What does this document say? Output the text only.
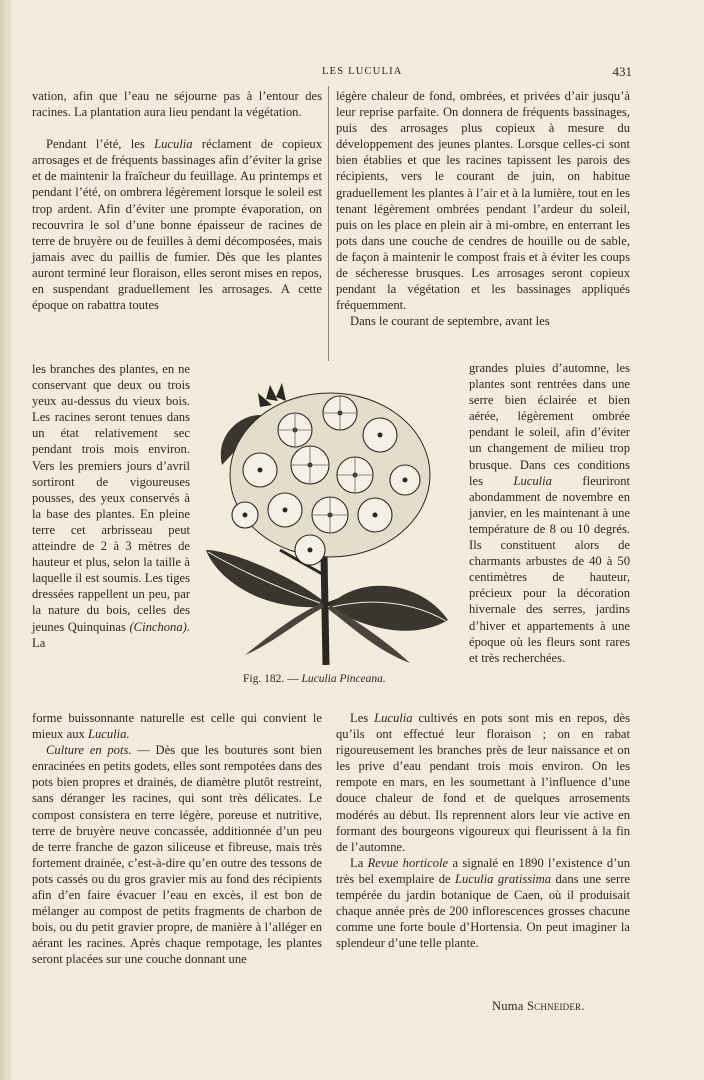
LES LUCULIA	431

vation, afin que l’eau ne séjourne pas à l’entour des racines. La plantation aura lieu pendant la végétation.

Pendant l’été, les Luculia réclament de copieux arrosages et de fréquents bassinages afin d’éviter la grise et de maintenir la fraîcheur du feuillage. Au printemps et pendant l’été, on ombrera légèrement lorsque le soleil est trop ardent. Afin d’éviter une prompte évaporation, on recouvrira le sol d’une bonne épaisseur de racines de terre de bruyère ou de feuilles à demi décomposées, mais jamais avec du paillis de fumier. Dès que les plantes auront terminé leur floraison, elles seront mises en repos, en suspendant graduellement les arrosages. A cette époque on rabattra toutes

les branches des plantes, en ne conservant que deux ou trois yeux au-dessus du vieux bois. Les racines seront tenues dans un état relativement sec pendant trois mois environ. Vers les premiers jours d’avril sortiront de vigoureuses pousses, des yeux conservés à la base des plantes. En pleine terre cet arbrisseau peut atteindre de 2 à 3 mètres de hauteur et plus, selon la taille à laquelle il est soumis. Les tiges dressées rappellent un peu, par la nature du bois, celles des jeunes Quinquinas (Cinchona). La

forme buissonnante naturelle est celle qui convient le mieux aux Luculia.

Culture en pots. — Dès que les boutures sont bien enracinées en petits godets, elles sont rempotées dans des pots bien propres et drainés, de diamètre plutôt restreint, sans déranger les racines, qui sont très délicates. Le compost consistera en terre légère, poreuse et nutritive, terre de bruyère neuve concassée, additionnée d’un peu de terre franche de gazon siliceuse et fibreuse, mais très fortement drainée, c’est-à-dire qu’en outre des tessons de pots cassés ou du gros gravier mis au fond des récipients afin d’en faire évacuer l’eau en excès, il est bon de mélanger au compost de petits fragments de charbon de bois, ou du petit gravier propre, de manière à l’alléger en aérant les racines. Après chaque rempotage, les plantes seront placées sur une couche donnant une

légère chaleur de fond, ombrées, et privées d’air jusqu’à leur reprise parfaite. On donnera de fréquents bassinages, puis des arrosages plus copieux à mesure du développement des jeunes plantes. Lorsque celles-ci sont bien établies et que les racines tapissent les parois des récipients, vers le courant de juin, on habitue graduellement les plantes à l’air et à la lumière, tout en les tenant légèrement ombrées pendant l’ardeur du soleil, puis on les place en plein air à mi-ombre, en enterrant les pots dans une couche de cendres de houille ou de sable, de façon à maintenir le compost frais et à éviter les coups de sécheresse brusques. Les arrosages seront copieux pendant la végétation et les bassinages appliqués fréquemment.

Dans le courant de septembre, avant les

grandes pluies d’automne, les plantes sont rentrées dans une serre bien éclairée et bien aérée, légèrement ombrée pendant le soleil, afin d’éviter un changement de milieu trop brusque. Dans ces conditions les Luculia fleuriront abondamment de novembre en janvier, en les maintenant à une température de 8 ou 10 degrés. Ils constituent alors de charmants arbustes de 40 à 50 centimètres de hauteur, précieux pour la décoration hivernale des serres, jardins d’hiver et appartements à une époque où les fleurs sont rares et très recherchées.

Les Luculia cultivés en pots sont mis en repos, dès qu’ils ont effectué leur floraison ; on en rabat rigoureusement les branches près de leur naissance et on les prive d’eau pendant trois mois environ. On les rempote en mars, en les soumettant à l’influence d’une douce chaleur de fond et de quelques arrosements modérés au début. Ils reprennent alors leur vie active en formant des bourgeons vigoureux qui fleurissent à la fin de l’automne.

La Revue horticole a signalé en 1890 l’existence d’un très bel exemplaire de Luculia gratissima dans une serre tempérée du jardin botanique de Caen, où il produisait chaque année près de 200 inflorescences grosses chacune comme une forte boule d’Hortensia. On peut imaginer la splendeur d’une telle plante.

Numa Schneider.
Fig. 182. — Luculia Pinceana.
